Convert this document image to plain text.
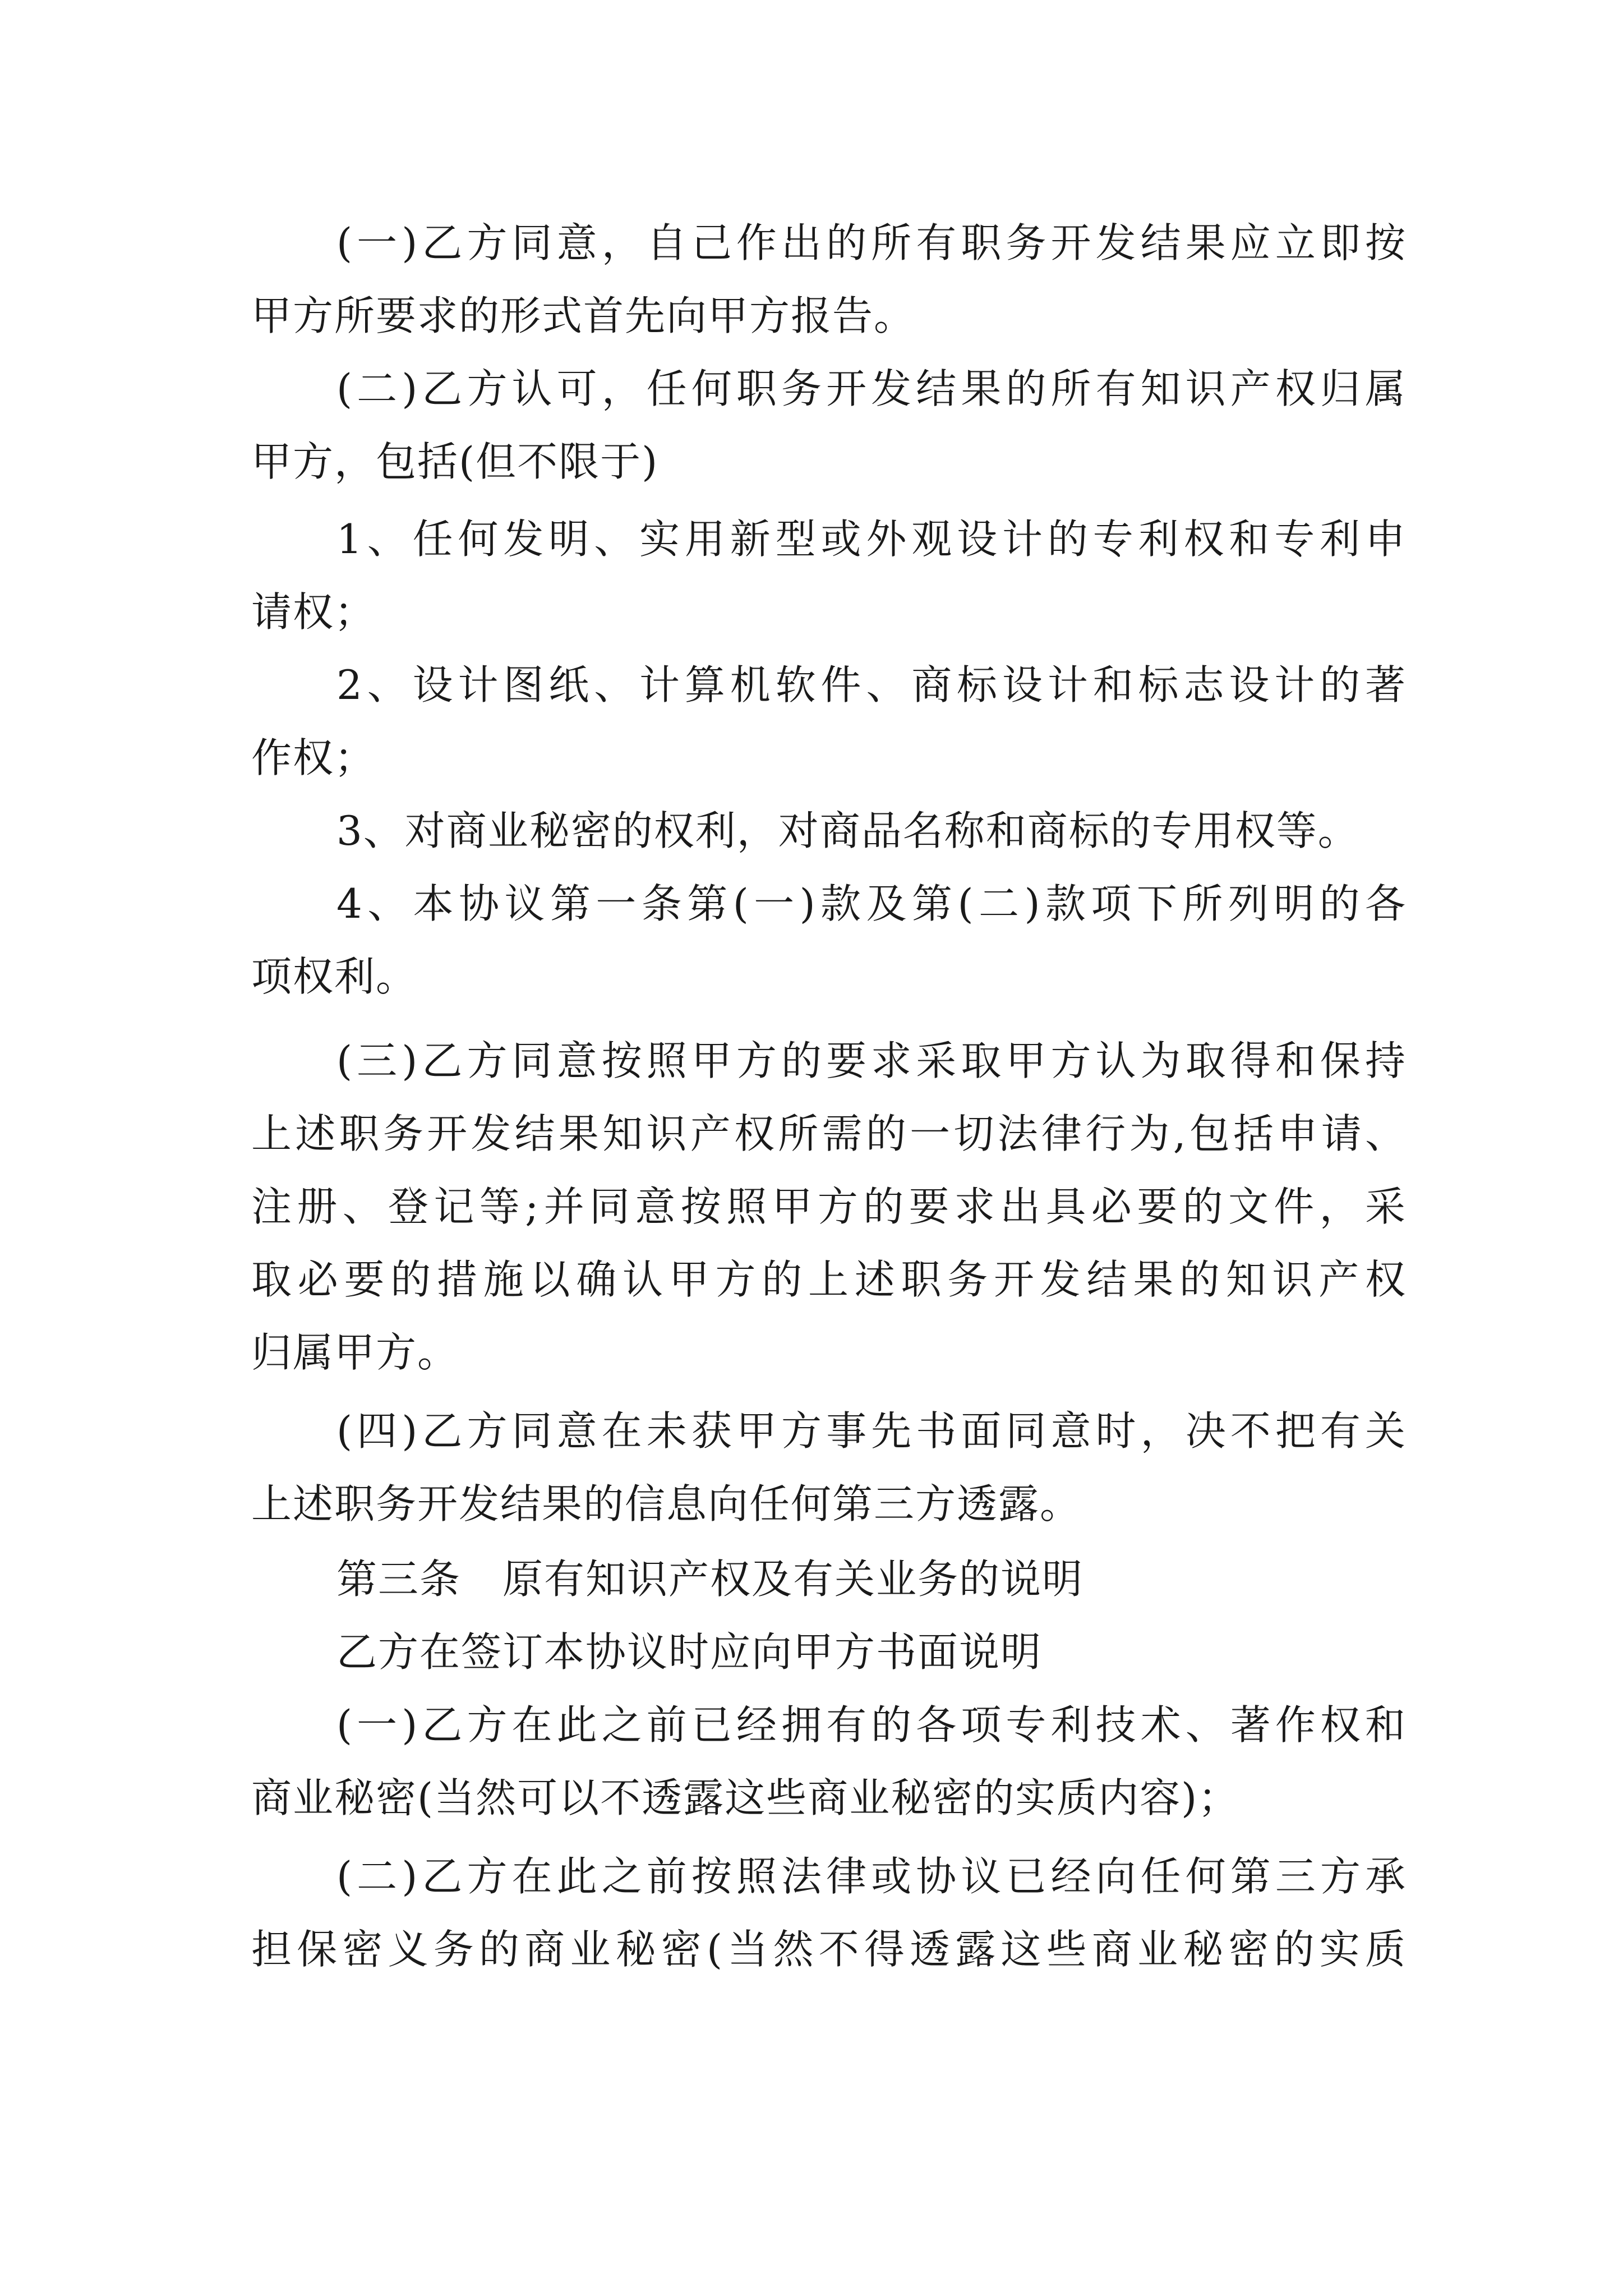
(一)乙方同意，自己作出的所有职务开发结果应立即按
甲方所要求的形式首先向甲方报告。
(二)乙方认可，任何职务开发结果的所有知识产权归属
甲方，包括(但不限于)
1、任何发明、实用新型或外观设计的专利权和专利申
请权；
2、设计图纸、计算机软件、商标设计和标志设计的著
作权；
3、对商业秘密的权利，对商品名称和商标的专用权等。
4、本协议第一条第(一)款及第(二)款项下所列明的各
项权利。
(三)乙方同意按照甲方的要求采取甲方认为取得和保持
上述职务开发结果知识产权所需的一切法律行为,包括申请、
注册、登记等;并同意按照甲方的要求出具必要的文件，采
取必要的措施以确认甲方的上述职务开发结果的知识产权
归属甲方。
(四)乙方同意在未获甲方事先书面同意时，决不把有关
上述职务开发结果的信息向任何第三方透露。
第三条　原有知识产权及有关业务的说明
乙方在签订本协议时应向甲方书面说明
(一)乙方在此之前已经拥有的各项专利技术、著作权和
商业秘密(当然可以不透露这些商业秘密的实质内容)；
(二)乙方在此之前按照法律或协议已经向任何第三方承
担保密义务的商业秘密(当然不得透露这些商业秘密的实质
